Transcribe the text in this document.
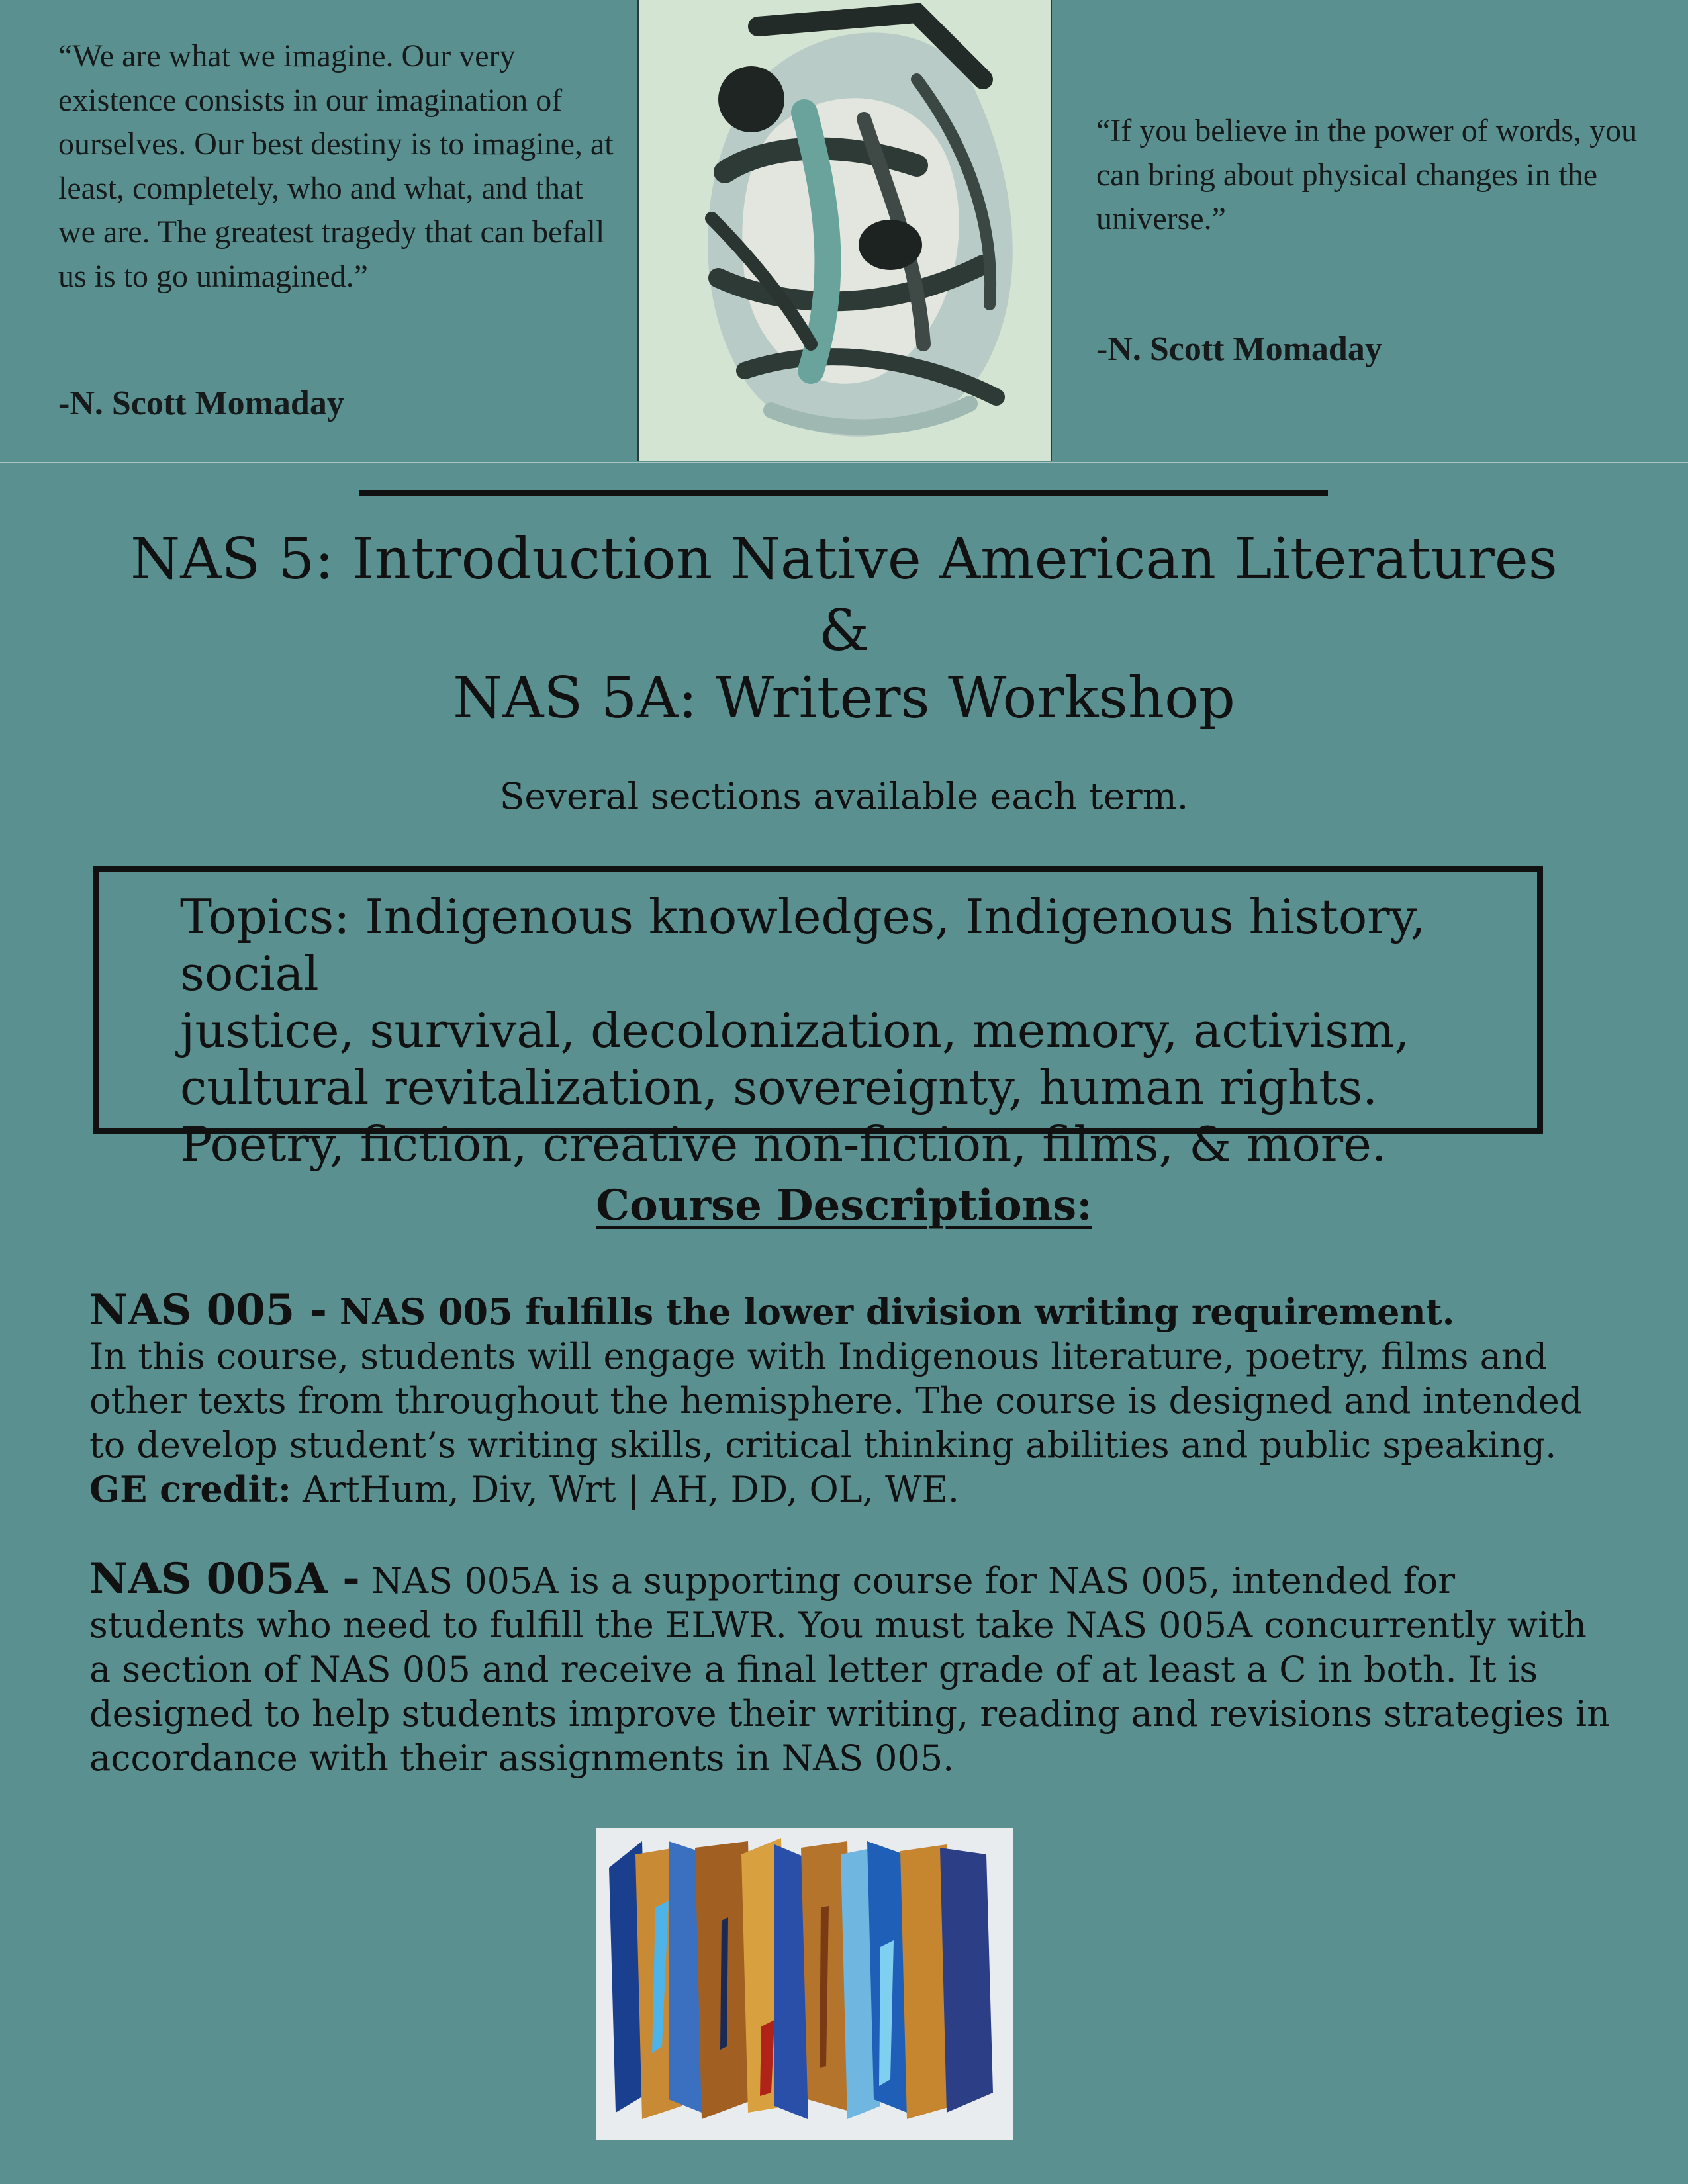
“We are what we imagine. Our very existence consists in our imagination of ourselves. Our best destiny is to imagine, at least, completely, who and what, and that we are. The greatest tragedy that can befall us is to go unimagined.”
-N. Scott Momaday
“If you believe in the power of words, you can bring about physical changes in the universe.”
-N. Scott Momaday
NAS 5: Introduction Native American Literatures
&
NAS 5A: Writers Workshop
Several sections available each term.

Topics: Indigenous knowledges, Indigenous history, social
justice, survival, decolonization, memory, activism,
cultural revitalization, sovereignty, human rights.
Poetry, fiction, creative non-fiction, films, & more.

Course Descriptions:

NAS 005 - NAS 005 fulfills the lower division writing requirement.
In this course, students will engage with Indigenous literature, poetry, films and
other texts from throughout the hemisphere. The course is designed and intended
to develop student’s writing skills, critical thinking abilities and public speaking.
GE credit: ArtHum, Div, Wrt | AH, DD, OL, WE.

NAS 005A - NAS 005A is a supporting course for NAS 005, intended for
students who need to fulfill the ELWR. You must take NAS 005A concurrently with
a section of NAS 005 and receive a final letter grade of at least a C in both. It is
designed to help students improve their writing, reading and revisions strategies in
accordance with their assignments in NAS 005.
